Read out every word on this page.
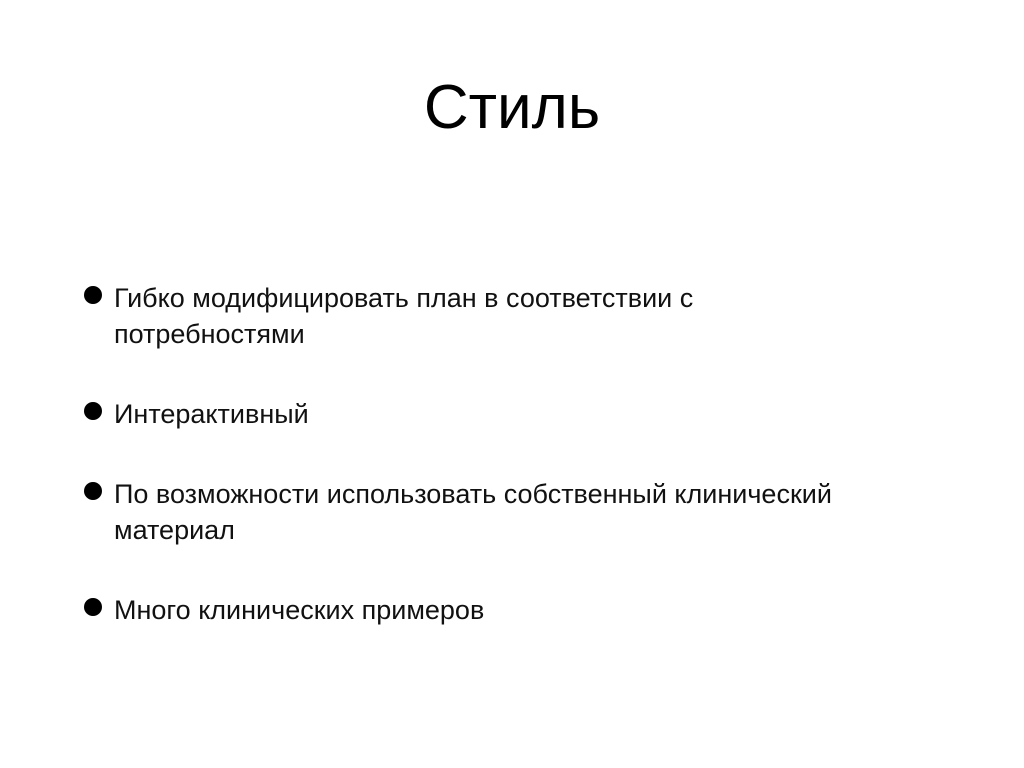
Стиль
Гибко модифицировать план в соответствии с потребностями
Интерактивный
По возможности использовать собственный клинический материал
Много клинических примеров
